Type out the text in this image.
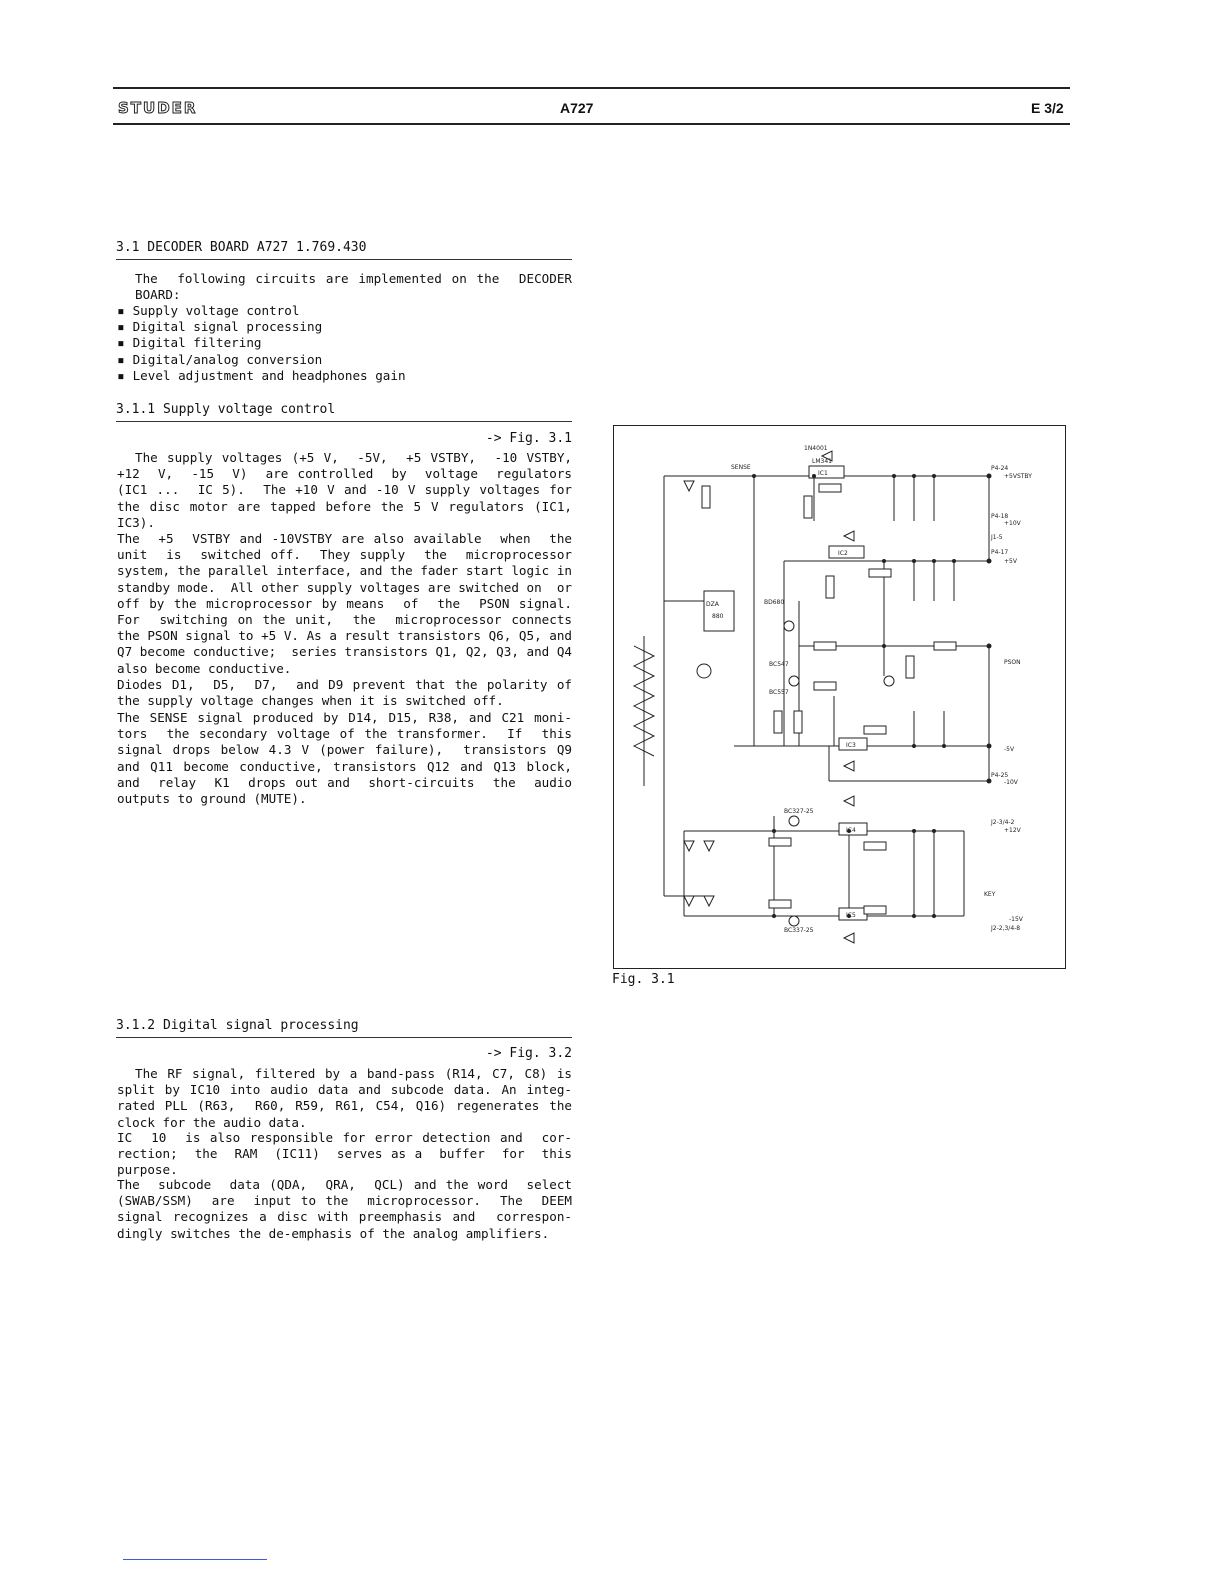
STUDER	A727	E 3/2
3.1 DECODER BOARD A727 1.769.430
The  following circuits are implemented on the  DECODER BOARD:
▪ Supply voltage control
▪ Digital signal processing
▪ Digital filtering
▪ Digital/analog conversion
▪ Level adjustment and headphones gain
3.1.1 Supply voltage control
-> Fig. 3.1
The supply voltages (+5 V,  -5V,  +5 VSTBY,  -10 VSTBY, +12  V,  -15  V)  are controlled  by  voltage  regulators (IC1 ...  IC 5).  The +10 V and -10 V supply voltages for the disc motor are tapped before the 5 V regulators (IC1, IC3).
The  +5  VSTBY and -10VSTBY are also available  when  the unit  is  switched off.  They supply  the  microprocessor system, the parallel interface, and the fader start logic in  standby mode.  All other supply voltages are switched on  or  off by the microprocessor by means  of  the  PSON signal.  For  switching on the unit,  the  microprocessor connects the PSON signal to +5 V. As a result transistors Q6, Q5, and Q7 become conductive;  series transistors Q1, Q2, Q3, and Q4 also become conductive.
Diodes D1,  D5,  D7,  and D9 prevent that the polarity of the supply voltage changes when it is switched off.
The SENSE signal produced by D14, D15, R38, and C21 moni-tors  the secondary voltage of the transformer.  If  this signal drops below 4.3 V (power failure),  transistors Q9 and Q11 become conductive, transistors Q12 and Q13 block, and  relay  K1  drops out and  short-circuits  the  audio outputs to ground (MUTE).
SENSE
1N4001
LM341
IC1
IC2
IC3
IC4
IC5
BD680
BC547
BC557
BC327-25
BC337-25
P4-24
+5VSTBY
P4-18
+10V
J1-5
P4-17
+5V
PSON
-5V
P4-25
-10V
J2-3/4-2
+12V
-15V
J2-2,3/4-8
KEY
DZA
880
Fig. 3.1
3.1.2 Digital signal processing
-> Fig. 3.2
The RF signal, filtered by a band-pass (R14, C7, C8) is split by IC10 into audio data and subcode data. An integ-rated PLL (R63,  R60, R59, R61, C54, Q16) regenerates the clock for the audio data.
IC  10  is also responsible for error detection and  cor-rection;  the  RAM  (IC11)  serves as a  buffer  for  this purpose.
The  subcode  data (QDA,  QRA,  QCL) and the word  select (SWAB/SSM)  are  input to the  microprocessor.  The  DEEM signal recognizes a disc with preemphasis and  correspon-dingly switches the de-emphasis of the analog amplifiers.
